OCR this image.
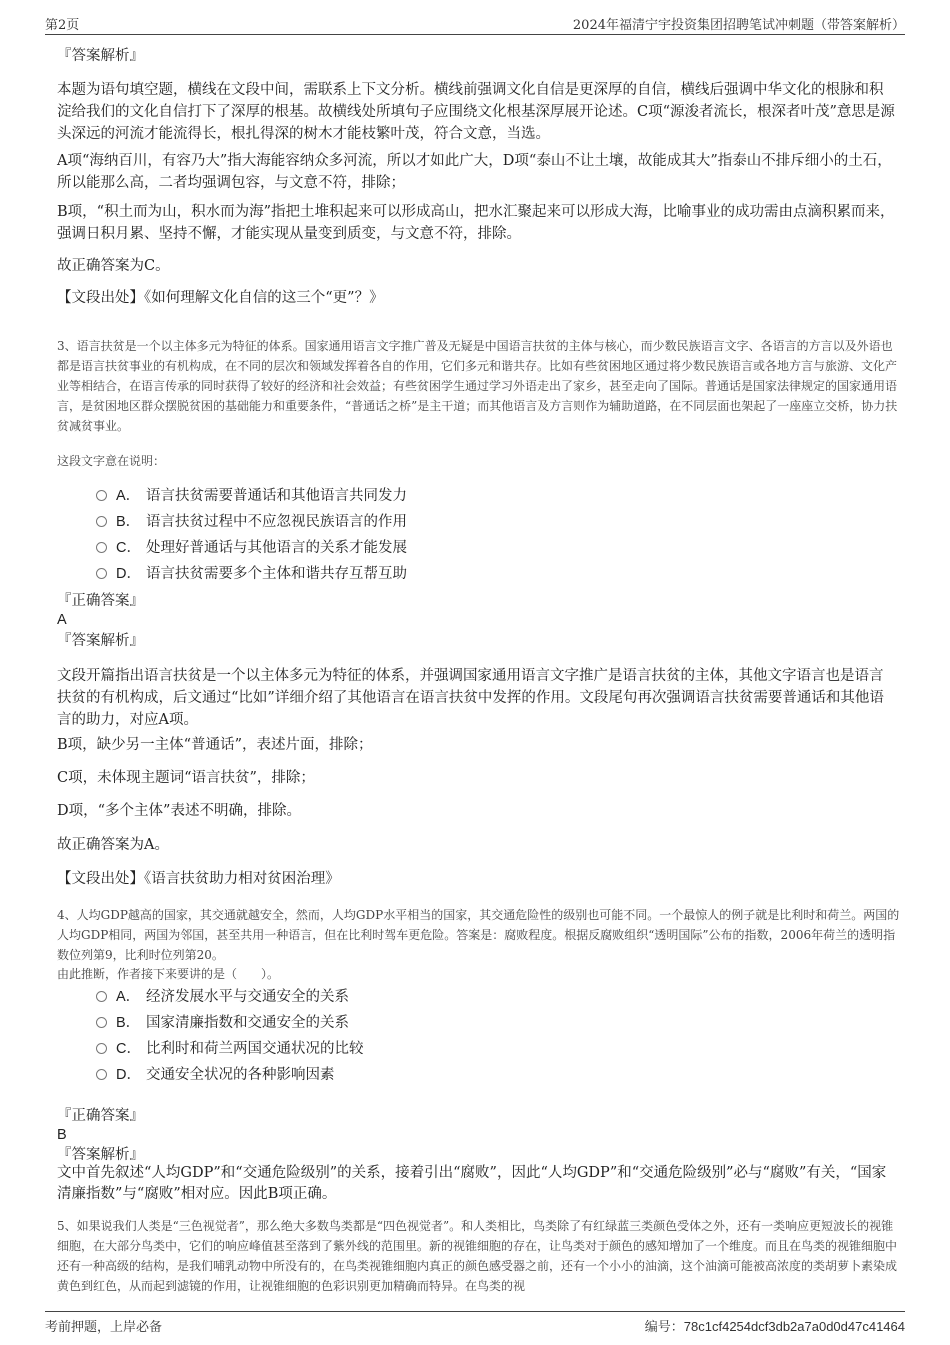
第2页	2024年福清宁宇投资集团招聘笔试冲刺题（带答案解析）
『答案解析』

本题为语句填空题，横线在文段中间，需联系上下文分析。横线前强调文化自信是更深厚的自信，横线后强调中华文化的根脉和积淀给我们的文化自信打下了深厚的根基。故横线处所填句子应围绕文化根基深厚展开论述。C项“源浚者流长，根深者叶茂”意思是源头深远的河流才能流得长，根扎得深的树木才能枝繁叶茂，符合文意，当选。

A项“海纳百川，有容乃大”指大海能容纳众多河流，所以才如此广大，D项“泰山不让土壤，故能成其大”指泰山不排斥细小的土石，所以能那么高，二者均强调包容，与文意不符，排除；

B项，“积土而为山，积水而为海”指把土堆积起来可以形成高山，把水汇聚起来可以形成大海，比喻事业的成功需由点滴积累而来，强调日积月累、坚持不懈，才能实现从量变到质变，与文意不符，排除。

故正确答案为C。

【文段出处】《如何理解文化自信的这三个“更”？》

3、语言扶贫是一个以主体多元为特征的体系。国家通用语言文字推广普及无疑是中国语言扶贫的主体与核心，而少数民族语言文字、各语言的方言以及外语也都是语言扶贫事业的有机构成，在不同的层次和领域发挥着各自的作用，它们多元和谐共存。比如有些贫困地区通过将少数民族语言或各地方言与旅游、文化产业等相结合，在语言传承的同时获得了较好的经济和社会效益；有些贫困学生通过学习外语走出了家乡，甚至走向了国际。普通话是国家法律规定的国家通用语言，是贫困地区群众摆脱贫困的基础能力和重要条件，“普通话之桥”是主干道；而其他语言及方言则作为辅助道路，在不同层面也架起了一座座立交桥，协力扶贫减贫事业。

这段文字意在说明：

A． 语言扶贫需要普通话和其他语言共同发力
B． 语言扶贫过程中不应忽视民族语言的作用
C． 处理好普通话与其他语言的关系才能发展
D． 语言扶贫需要多个主体和谐共存互帮互助
『正确答案』
A
『答案解析』

文段开篇指出语言扶贫是一个以主体多元为特征的体系，并强调国家通用语言文字推广是语言扶贫的主体，其他文字语言也是语言扶贫的有机构成，后文通过“比如”详细介绍了其他语言在语言扶贫中发挥的作用。文段尾句再次强调语言扶贫需要普通话和其他语言的助力，对应A项。

B项，缺少另一主体“普通话”，表述片面，排除；

C项，未体现主题词“语言扶贫”，排除；

D项，“多个主体”表述不明确，排除。

故正确答案为A。

【文段出处】《语言扶贫助力相对贫困治理》

4、人均GDP越高的国家，其交通就越安全，然而，人均GDP水平相当的国家，其交通危险性的级别也可能不同。一个最惊人的例子就是比利时和荷兰。两国的人均GDP相同，两国为邻国，甚至共用一种语言，但在比利时驾车更危险。答案是：腐败程度。根据反腐败组织“透明国际”公布的指数，2006年荷兰的透明指数位列第9，比利时位列第20。

由此推断，作者接下来要讲的是（　　）。

A． 经济发展水平与交通安全的关系
B． 国家清廉指数和交通安全的关系
C． 比利时和荷兰两国交通状况的比较
D． 交通安全状况的各种影响因素
『正确答案』
B
『答案解析』

文中首先叙述“人均GDP”和“交通危险级别”的关系，接着引出“腐败”，因此“人均GDP”和“交通危险级别”必与“腐败”有关，“国家清廉指数”与“腐败”相对应。因此B项正确。

5、如果说我们人类是“三色视觉者”，那么绝大多数鸟类都是“四色视觉者”。和人类相比，鸟类除了有红绿蓝三类颜色受体之外，还有一类响应更短波长的视锥细胞，在大部分鸟类中，它们的响应峰值甚至落到了紫外线的范围里。新的视锥细胞的存在，让鸟类对于颜色的感知增加了一个维度。而且在鸟类的视锥细胞中还有一种高级的结构，是我们哺乳动物中所没有的，在鸟类视锥细胞内真正的颜色感受器之前，还有一个小小的油滴，这个油滴可能被高浓度的类胡萝卜素染成黄色到红色，从而起到滤镜的作用，让视锥细胞的色彩识别更加精确而特异。在鸟类的视

考前押题，上岸必备	编号：78c1cf4254dcf3db2a7a0d0d47c41464
